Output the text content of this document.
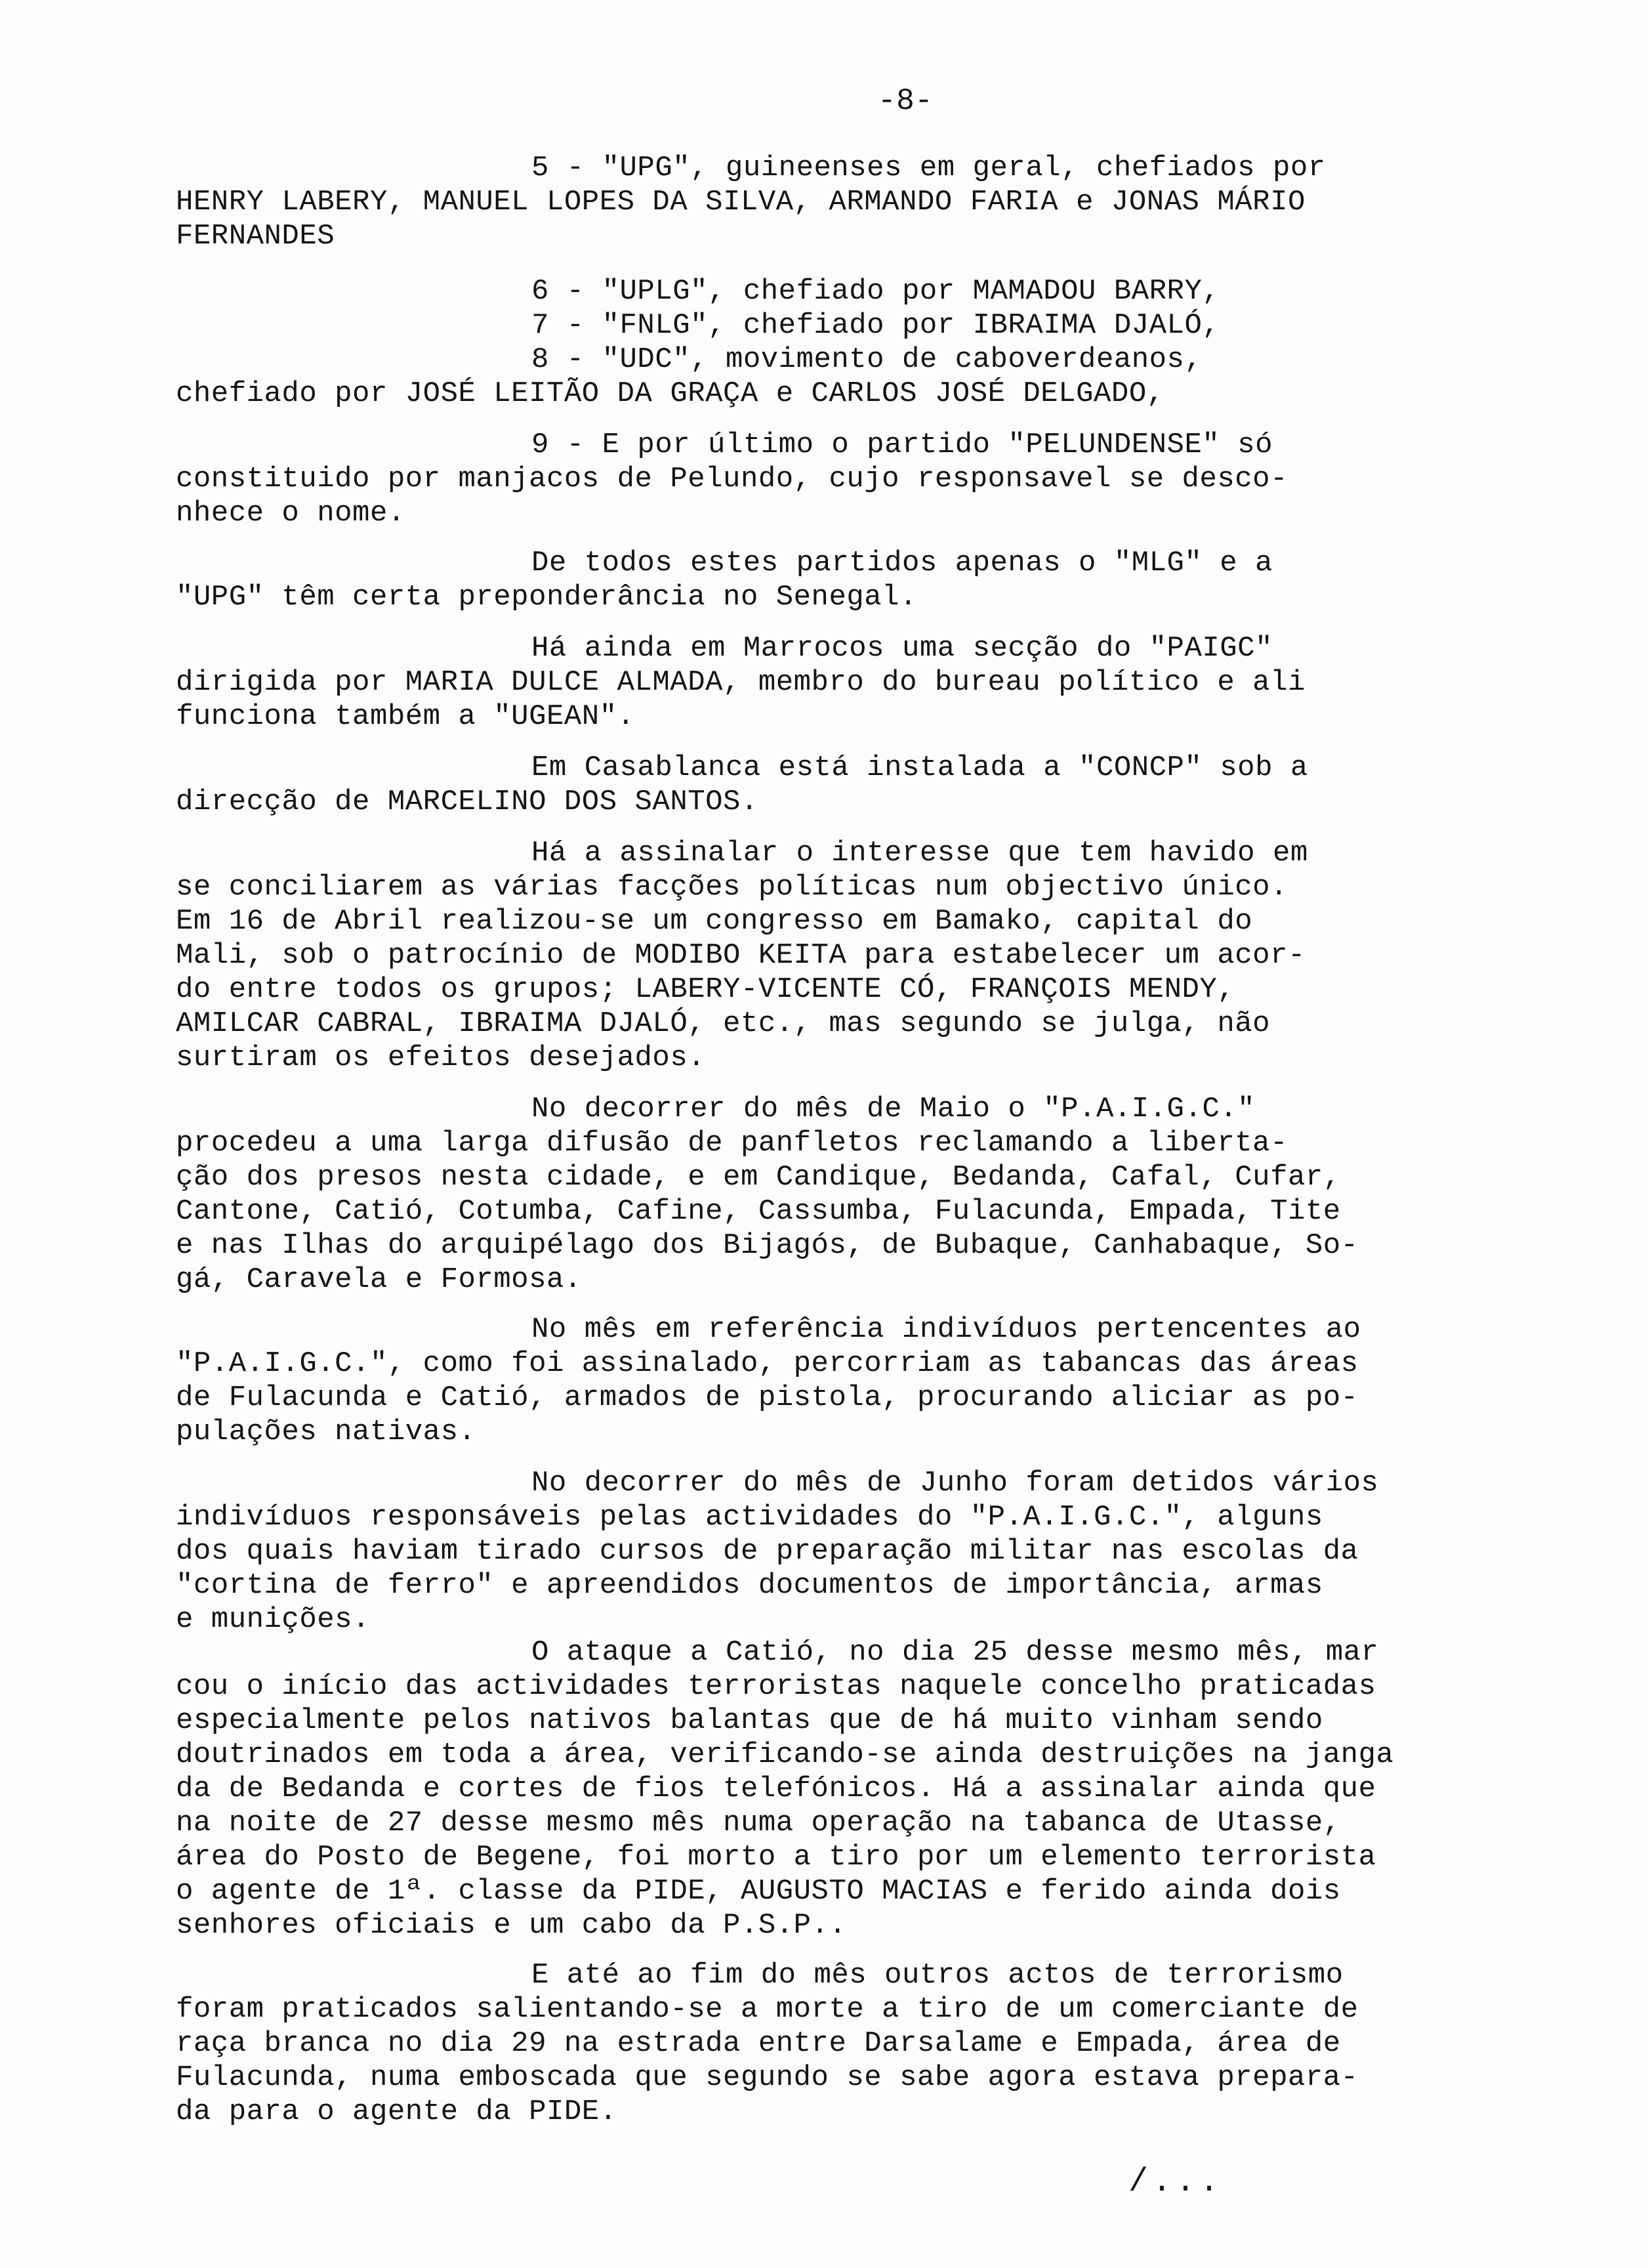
-8-
5 - "UPG", guineenses em geral, chefiados por
HENRY LABERY, MANUEL LOPES DA SILVA, ARMANDO FARIA e JONAS MÁRIO
FERNANDES
6 - "UPLG", chefiado por MAMADOU BARRY,
7 - "FNLG", chefiado por IBRAIMA DJALÓ,
8 - "UDC", movimento de caboverdeanos,
chefiado por JOSÉ LEITÃO DA GRAÇA e CARLOS JOSÉ DELGADO,
9 - E por último o partido "PELUNDENSE" só
constituido por manjacos de Pelundo, cujo responsavel se desco-
nhece o nome.
De todos estes partidos apenas o "MLG" e a
"UPG" têm certa preponderância no Senegal.
Há ainda em Marrocos uma secção do "PAIGC"
dirigida por MARIA DULCE ALMADA, membro do bureau político e ali
funciona também a "UGEAN".
Em Casablanca está instalada a "CONCP" sob a
direcção de MARCELINO DOS SANTOS.
Há a assinalar o interesse que tem havido em
se conciliarem as várias facções políticas num objectivo único.
Em 16 de Abril realizou-se um congresso em Bamako, capital do
Mali, sob o patrocínio de MODIBO KEITA para estabelecer um acor-
do entre todos os grupos; LABERY-VICENTE CÓ, FRANÇOIS MENDY,
AMILCAR CABRAL, IBRAIMA DJALÓ, etc., mas segundo se julga, não
surtiram os efeitos desejados.
No decorrer do mês de Maio o "P.A.I.G.C."
procedeu a uma larga difusão de panfletos reclamando a liberta-
ção dos presos nesta cidade, e em Candique, Bedanda, Cafal, Cufar,
Cantone, Catió, Cotumba, Cafine, Cassumba, Fulacunda, Empada, Tite
e nas Ilhas do arquipélago dos Bijagós, de Bubaque, Canhabaque, So-
gá, Caravela e Formosa.
No mês em referência indivíduos pertencentes ao
"P.A.I.G.C.", como foi assinalado, percorriam as tabancas das áreas
de Fulacunda e Catió, armados de pistola, procurando aliciar as po-
pulações nativas.
No decorrer do mês de Junho foram detidos vários
indivíduos responsáveis pelas actividades do "P.A.I.G.C.", alguns
dos quais haviam tirado cursos de preparação militar nas escolas da
"cortina de ferro" e apreendidos documentos de importância, armas
e munições.
O ataque a Catió, no dia 25 desse mesmo mês, mar
cou o início das actividades terroristas naquele concelho praticadas
especialmente pelos nativos balantas que de há muito vinham sendo
doutrinados em toda a área, verificando-se ainda destruições na janga
da de Bedanda e cortes de fios telefónicos. Há a assinalar ainda que
na noite de 27 desse mesmo mês numa operação na tabanca de Utasse,
área do Posto de Begene, foi morto a tiro por um elemento terrorista
o agente de 1ª. classe da PIDE, AUGUSTO MACIAS e ferido ainda dois
senhores oficiais e um cabo da P.S.P..
E até ao fim do mês outros actos de terrorismo
foram praticados salientando-se a morte a tiro de um comerciante de
raça branca no dia 29 na estrada entre Darsalame e Empada, área de
Fulacunda, numa emboscada que segundo se sabe agora estava prepara-
da para o agente da PIDE.
/...
